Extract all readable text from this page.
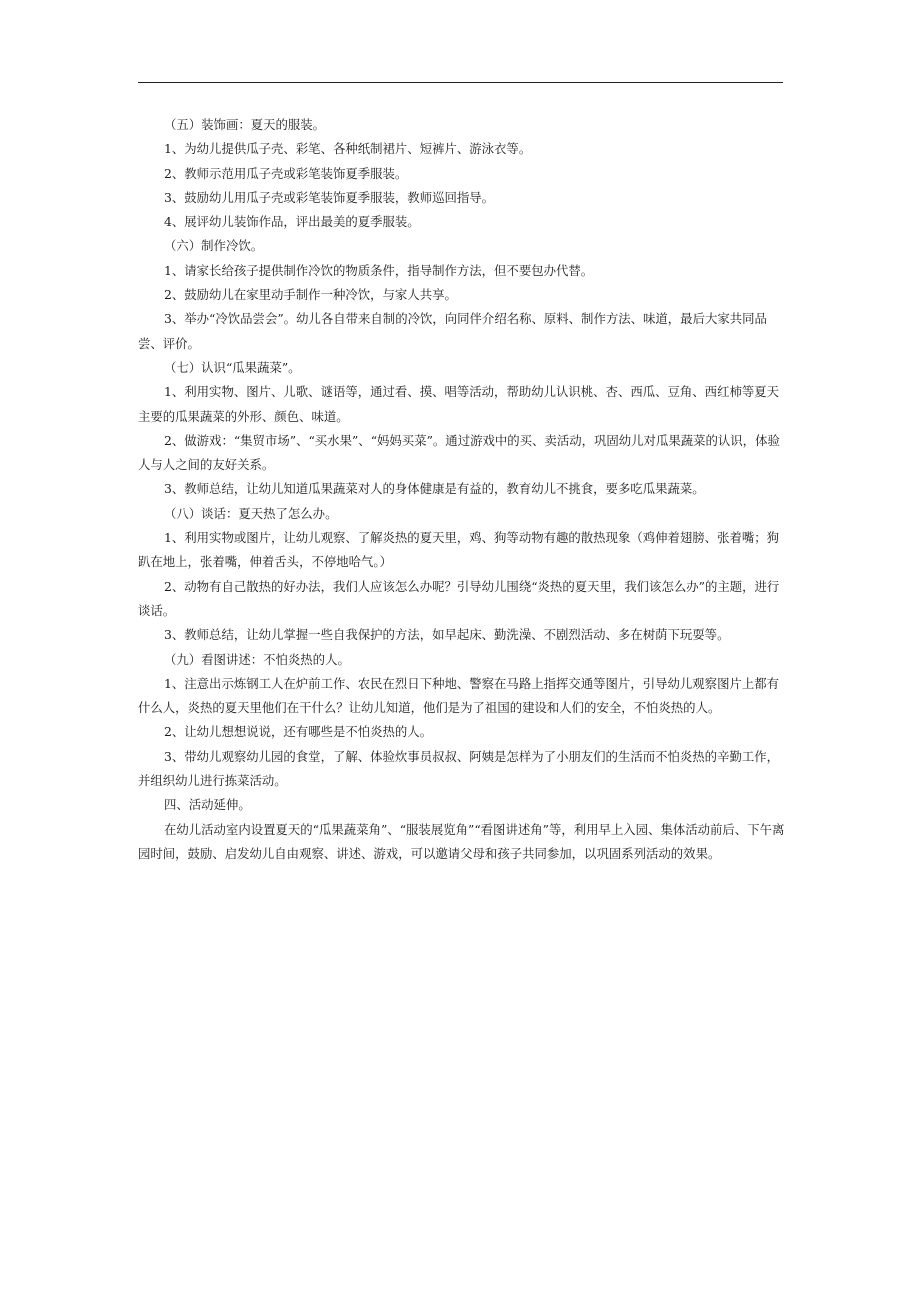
（五）装饰画：夏天的服装。

1、为幼儿提供瓜子壳、彩笔、各种纸制裙片、短裤片、游泳衣等。

2、教师示范用瓜子壳或彩笔装饰夏季服装。

3、鼓励幼儿用瓜子壳或彩笔装饰夏季服装，教师巡回指导。

4、展评幼儿装饰作品，评出最美的夏季服装。

（六）制作冷饮。

1、请家长给孩子提供制作冷饮的物质条件，指导制作方法，但不要包办代替。

2、鼓励幼儿在家里动手制作一种冷饮，与家人共享。

3、举办“冷饮品尝会”。幼儿各自带来自制的冷饮，向同伴介绍名称、原料、制作方法、味道，最后大家共同品尝、评价。

（七）认识“瓜果蔬菜”。

1、利用实物、图片、儿歌、谜语等，通过看、摸、唱等活动，帮助幼儿认识桃、杏、西瓜、豆角、西红柿等夏天主要的瓜果蔬菜的外形、颜色、味道。

2、做游戏：“集贸市场”、“买水果”、“妈妈买菜”。通过游戏中的买、卖活动，巩固幼儿对瓜果蔬菜的认识，体验人与人之间的友好关系。

3、教师总结，让幼儿知道瓜果蔬菜对人的身体健康是有益的，教育幼儿不挑食，要多吃瓜果蔬菜。

（八）谈话：夏天热了怎么办。

1、利用实物或图片，让幼儿观察、了解炎热的夏天里，鸡、狗等动物有趣的散热现象（鸡伸着翅膀、张着嘴；狗趴在地上，张着嘴，伸着舌头，不停地哈气。）

2、动物有自己散热的好办法，我们人应该怎么办呢？引导幼儿围绕“炎热的夏天里，我们该怎么办”的主题，进行谈话。

3、教师总结，让幼儿掌握一些自我保护的方法，如早起床、勤洗澡、不剧烈活动、多在树荫下玩耍等。

（九）看图讲述：不怕炎热的人。

1、注意出示炼钢工人在炉前工作、农民在烈日下种地、警察在马路上指挥交通等图片，引导幼儿观察图片上都有什么人，炎热的夏天里他们在干什么？让幼儿知道，他们是为了祖国的建设和人们的安全，不怕炎热的人。

2、让幼儿想想说说，还有哪些是不怕炎热的人。

3、带幼儿观察幼儿园的食堂，了解、体验炊事员叔叔、阿姨是怎样为了小朋友们的生活而不怕炎热的辛勤工作，并组织幼儿进行拣菜活动。

四、活动延伸。

在幼儿活动室内设置夏天的“瓜果蔬菜角”、“服装展览角”“看图讲述角”等，利用早上入园、集体活动前后、下午离园时间，鼓励、启发幼儿自由观察、讲述、游戏，可以邀请父母和孩子共同参加，以巩固系列活动的效果。
